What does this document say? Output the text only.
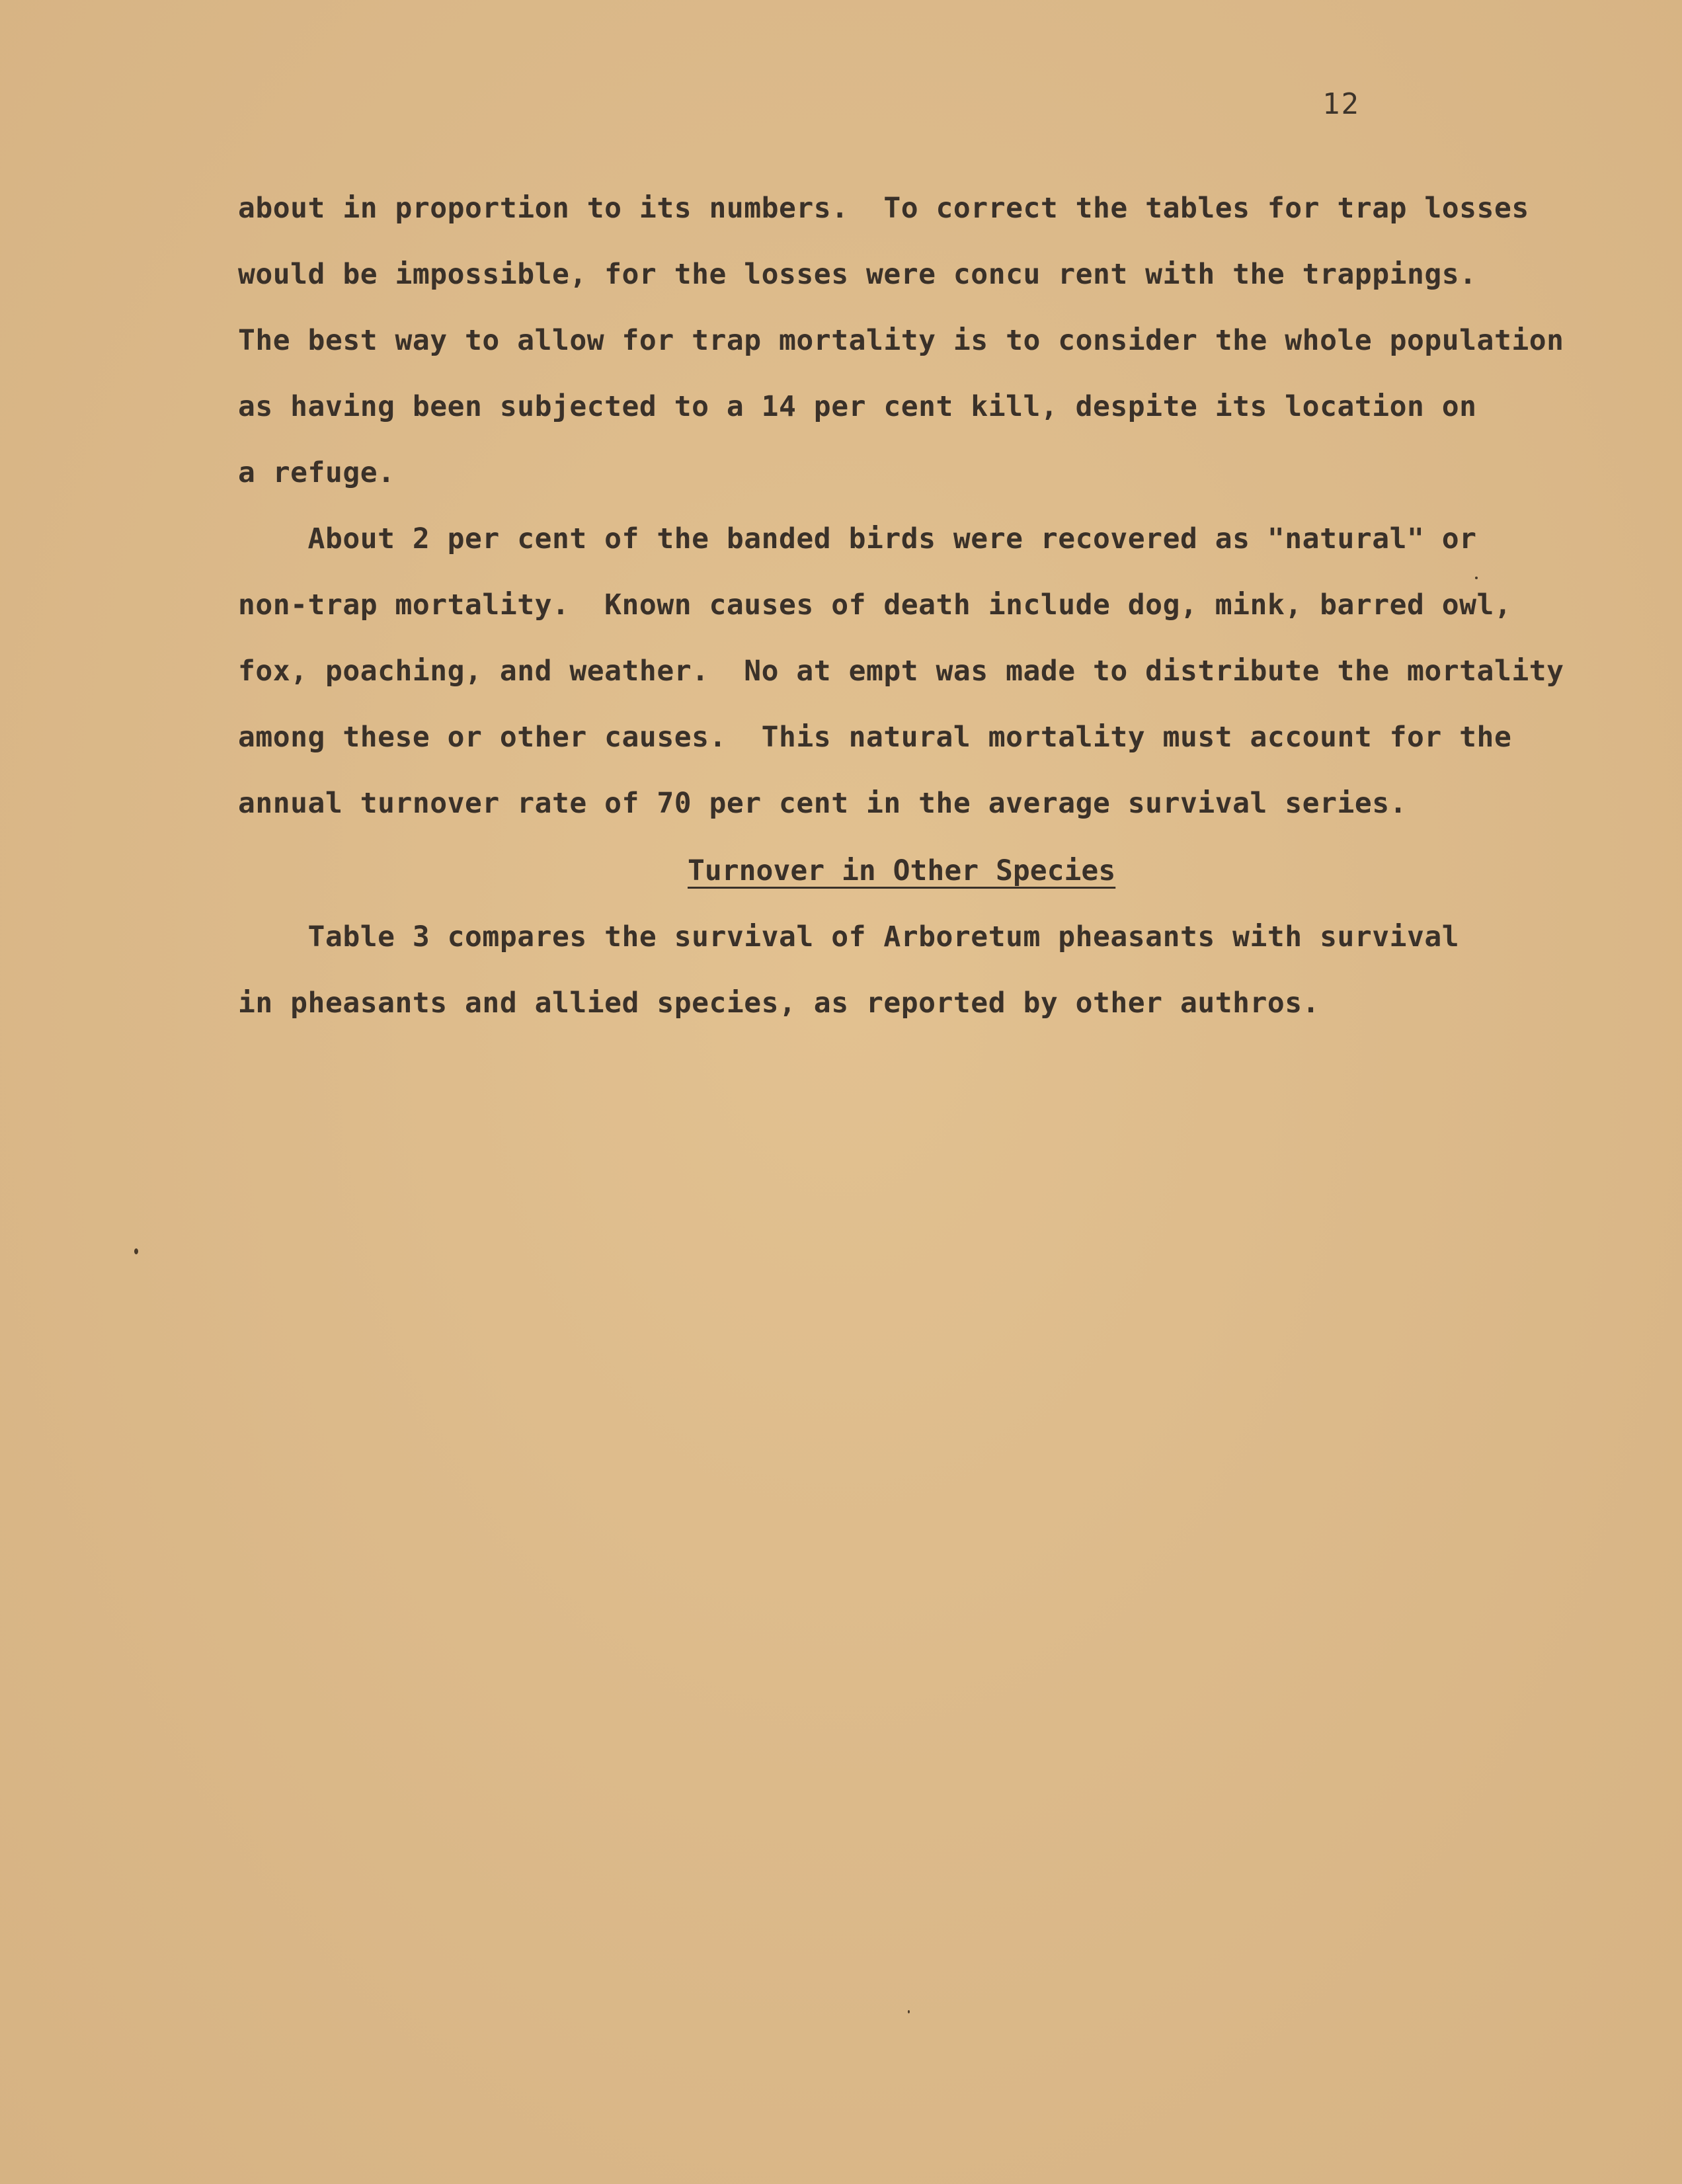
12
about in proportion to its numbers.  To correct the tables for trap losses
would be impossible, for the losses were concu rent with the trappings.
The best way to allow for trap mortality is to consider the whole population
as having been subjected to a 14 per cent kill, despite its location on
a refuge.
About 2 per cent of the banded birds were recovered as "natural" or
non-trap mortality.  Known causes of death include dog, mink, barred owl,
fox, poaching, and weather.  No at empt was made to distribute the mortality
among these or other causes.  This natural mortality must account for the
annual turnover rate of 70 per cent in the average survival series.
Turnover in Other Species
Table 3 compares the survival of Arboretum pheasants with survival
in pheasants and allied species, as reported by other authros.
